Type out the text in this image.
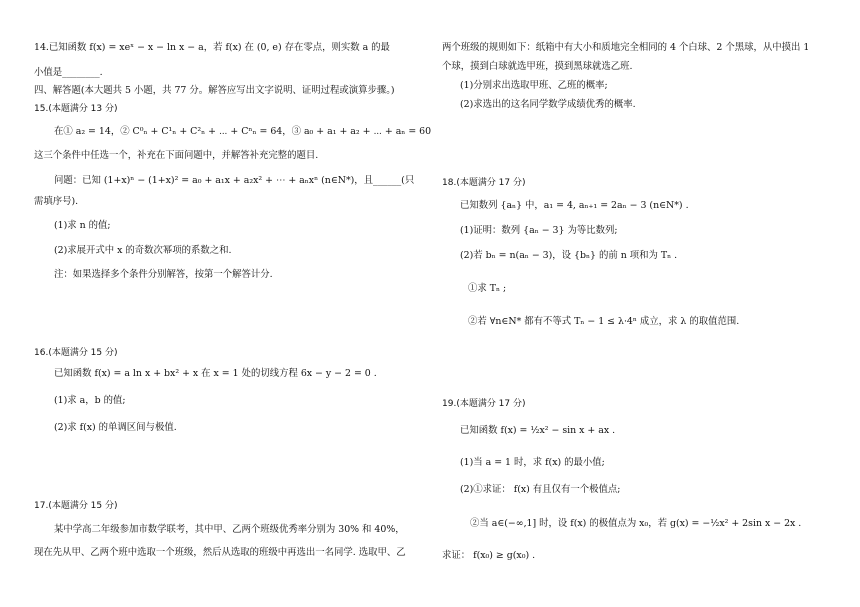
14.已知函数 f(x) = xeˣ − x − ln x − a，若 f(x) 在 (0, e) 存在零点，则实数 a 的最
小值是________.
四、解答题(本大题共 5 小题，共 77 分。解答应写出文字说明、证明过程或演算步骤。)
15.(本题满分 13 分)
在① a₂ = 14，② C⁰ₙ + C¹ₙ + C²ₙ + ⋯ + Cⁿₙ = 64，③ a₀ + a₁ + a₂ + ⋯ + aₙ = 60
这三个条件中任选一个，补充在下面问题中，并解答补充完整的题目.
问题：已知 (1+x)ⁿ − (1+x)² = a₀ + a₁x + a₂x² + ⋯ + aₙxⁿ (n∈N*)，且______(只
需填序号).
(1)求 n 的值;
(2)求展开式中 x 的奇数次幂项的系数之和.
注：如果选择多个条件分别解答，按第一个解答计分.
16.(本题满分 15 分)
已知函数 f(x) = a ln x + bx² + x 在 x = 1 处的切线方程 6x − y − 2 = 0 .
(1)求 a，b 的值;
(2)求 f(x) 的单调区间与极值.
17.(本题满分 15 分)
某中学高二年级参加市数学联考，其中甲、乙两个班级优秀率分别为 30% 和 40%，
现在先从甲、乙两个班中选取一个班级，然后从选取的班级中再选出一名同学. 选取甲、乙
两个班级的规则如下：纸箱中有大小和质地完全相同的 4 个白球、2 个黑球，从中摸出 1
个球，摸到白球就选甲班，摸到黑球就选乙班.
(1)分别求出选取甲班、乙班的概率;
(2)求选出的这名同学数学成绩优秀的概率.
18.(本题满分 17 分)
已知数列 {aₙ} 中，a₁ = 4, aₙ₊₁ = 2aₙ − 3 (n∈N*) .
(1)证明：数列 {aₙ − 3} 为等比数列;
(2)若 bₙ = n(aₙ − 3)，设 {bₙ} 的前 n 项和为 Tₙ .
①求 Tₙ ;
②若 ∀n∈N* 都有不等式 Tₙ − 1 ≤ λ·4ⁿ 成立，求 λ 的取值范围.
19.(本题满分 17 分)
已知函数 f(x) = ½x² − sin x + ax .
(1)当 a = 1 时，求 f(x) 的最小值;
(2)①求证： f(x) 有且仅有一个极值点;
②当 a∈(−∞,1] 时，设 f(x) 的极值点为 x₀，若 g(x) = −½x² + 2sin x − 2x .
求证： f(x₀) ≥ g(x₀) .
